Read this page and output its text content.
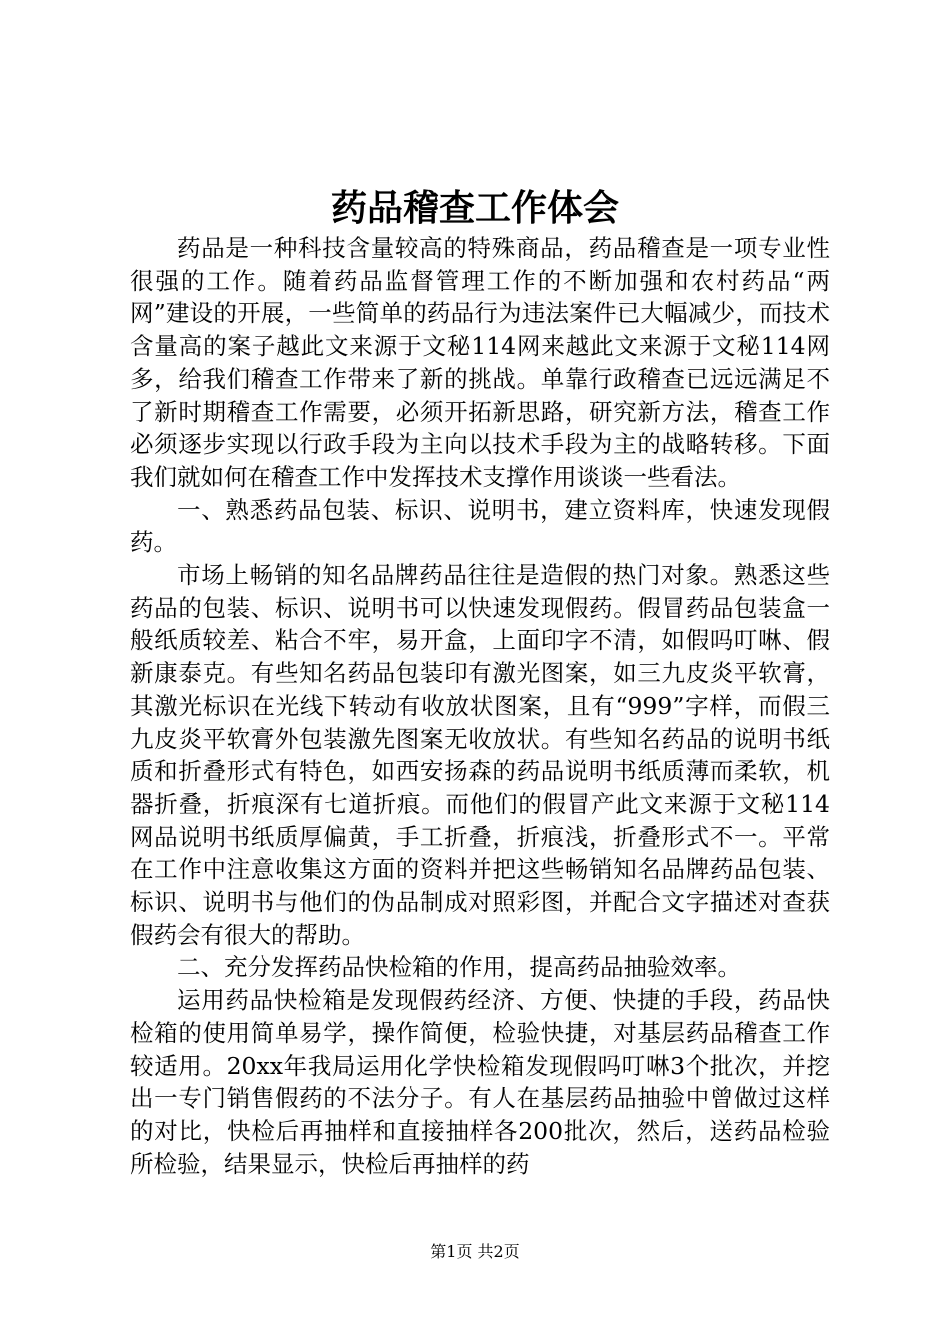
药品稽查工作体会

药品是一种科技含量较高的特殊商品，药品稽查是一项专业性很强的工作。随着药品监督管理工作的不断加强和农村药品“两网”建设的开展，一些简单的药品行为违法案件已大幅减少，而技术含量高的案子越此文来源于文秘114网来越此文来源于文秘114网多，给我们稽查工作带来了新的挑战。单靠行政稽查已远远满足不了新时期稽查工作需要，必须开拓新思路，研究新方法，稽查工作必须逐步实现以行政手段为主向以技术手段为主的战略转移。下面我们就如何在稽查工作中发挥技术支撑作用谈谈一些看法。

一、熟悉药品包装、标识、说明书，建立资料库，快速发现假药。

市场上畅销的知名品牌药品往往是造假的热门对象。熟悉这些药品的包装、标识、说明书可以快速发现假药。假冒药品包装盒一般纸质较差、粘合不牢，易开盒，上面印字不清，如假吗叮啉、假新康泰克。有些知名药品包装印有激光图案，如三九皮炎平软膏，其激光标识在光线下转动有收放状图案，且有“999”字样，而假三九皮炎平软膏外包装激先图案无收放状。有些知名药品的说明书纸质和折叠形式有特色，如西安扬森的药品说明书纸质薄而柔软，机器折叠，折痕深有七道折痕。而他们的假冒产此文来源于文秘114网品说明书纸质厚偏黄，手工折叠，折痕浅，折叠形式不一。平常在工作中注意收集这方面的资料并把这些畅销知名品牌药品包装、标识、说明书与他们的伪品制成对照彩图，并配合文字描述对查获假药会有很大的帮助。

二、充分发挥药品快检箱的作用，提高药品抽验效率。

运用药品快检箱是发现假药经济、方便、快捷的手段，药品快检箱的使用简单易学，操作简便，检验快捷，对基层药品稽查工作较适用。20xx年我局运用化学快检箱发现假吗叮啉3个批次，并挖出一专门销售假药的不法分子。有人在基层药品抽验中曾做过这样的对比，快检后再抽样和直接抽样各200批次，然后，送药品检验所检验，结果显示，快检后再抽样的药

第1页 共2页
